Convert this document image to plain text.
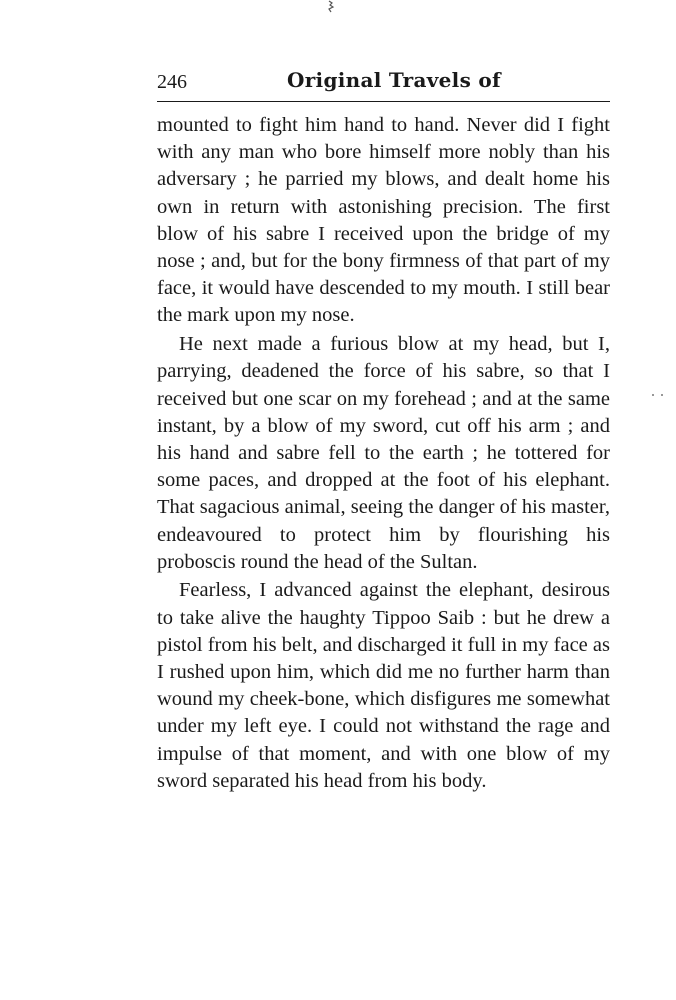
246	Original Travels of

mounted to fight him hand to hand. Never did I fight with any man who bore himself more nobly than his adversary ; he parried my blows, and dealt home his own in return with astonishing precision. The first blow of his sabre I received upon the bridge of my nose ; and, but for the bony firmness of that part of my face, it would have descended to my mouth. I still bear the mark upon my nose.

He next made a furious blow at my head, but I, parrying, deadened the force of his sabre, so that I received but one scar on my forehead ; and at the same instant, by a blow of my sword, cut off his arm ; and his hand and sabre fell to the earth ; he tottered for some paces, and dropped at the foot of his elephant. That sagacious animal, seeing the danger of his master, endeavoured to protect him by flourishing his proboscis round the head of the Sultan.

Fearless, I advanced against the elephant, desirous to take alive the haughty Tippoo Saib : but he drew a pistol from his belt, and discharged it full in my face as I rushed upon him, which did me no further harm than wound my cheek-bone, which disfigures me somewhat under my left eye. I could not withstand the rage and impulse of that moment, and with one blow of my sword separated his head from his body.
